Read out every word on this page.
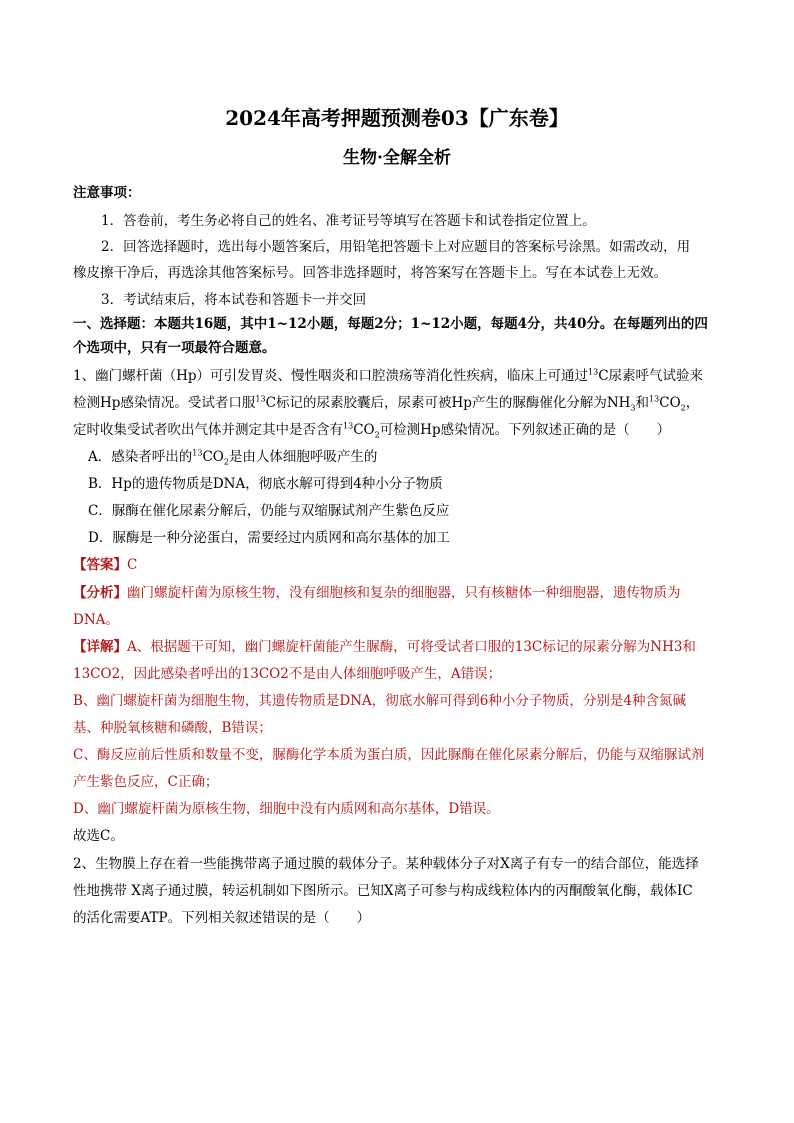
2024年高考押题预测卷03【广东卷】
生物·全解全析
注意事项：
1．答卷前，考生务必将自己的姓名、准考证号等填写在答题卡和试卷指定位置上。
2．回答选择题时，选出每小题答案后，用铅笔把答题卡上对应题目的答案标号涂黑。如需改动，用
橡皮擦干净后，再选涂其他答案标号。回答非选择题时，将答案写在答题卡上。写在本试卷上无效。
3．考试结束后，将本试卷和答题卡一并交回
一、选择题：本题共16题，其中1~12小题，每题2分；1~12小题，每题4分，共40分。在每题列出的四
个选项中，只有一项最符合题意。
1、幽门螺杆菌（Hp）可引发胃炎、慢性咽炎和口腔溃疡等消化性疾病，临床上可通过$^{13}$C尿素呼气试验来
检测Hp感染情况。受试者口服$^{13}$C标记的尿素胶囊后，尿素可被Hp产生的脲酶催化分解为$NH_3$和$^{13}CO_2$，
定时收集受试者吹出气体并测定其中是否含有$^{13}CO_2$可检测Hp感染情况。下列叙述正确的是（　　）
A．感染者呼出的$^{13}CO_2$是由人体细胞呼吸产生的
B．Hp的遗传物质是DNA，彻底水解可得到4种小分子物质
C．脲酶在催化尿素分解后，仍能与双缩脲试剂产生紫色反应
D．脲酶是一种分泌蛋白，需要经过内质网和高尔基体的加工
【答案】C
【分析】幽门螺旋杆菌为原核生物，没有细胞核和复杂的细胞器，只有核糖体一种细胞器，遗传物质为
DNA。
【详解】A、根据题干可知，幽门螺旋杆菌能产生脲酶，可将受试者口服的13C标记的尿素分解为NH3和
13CO2，因此感染者呼出的13CO2不是由人体细胞呼吸产生，A错误；
B、幽门螺旋杆菌为细胞生物，其遗传物质是DNA，彻底水解可得到6种小分子物质，分别是4种含氮碱
基、种脱氧核糖和磷酸，B错误；
C、酶反应前后性质和数量不变，脲酶化学本质为蛋白质，因此脲酶在催化尿素分解后，仍能与双缩脲试剂
产生紫色反应，C正确；
D、幽门螺旋杆菌为原核生物，细胞中没有内质网和高尔基体，D错误。
故选C。
2、生物膜上存在着一些能携带离子通过膜的载体分子。某种载体分子对X离子有专一的结合部位，能选择
性地携带 X离子通过膜，转运机制如下图所示。已知X离子可参与构成线粒体内的丙酮酸氧化酶，载体IC
的活化需要ATP。下列相关叙述错误的是（　　）
